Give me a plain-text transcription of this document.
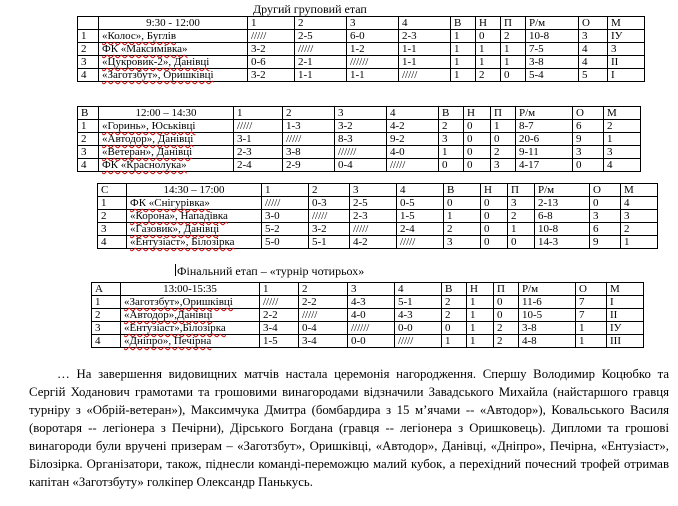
Другий груповий етап
	9:30 - 12:00	1	2	3	4	В	Н	П	Р/м	О	М
1	«Колос», Буглів	/////	2-5	6-0	2-3	1	0	2	10-8	3	IУ
2	ФК «Максимівка»	3-2	/////	1-2	1-1	1	1	1	7-5	4	3
3	«Цукровик-2», Данівці	0-6	2-1	//////	1-1	1	1	1	3-8	4	ІІ
4	«Заготзбут», Оришківці	3-2	1-1	1-1	/////	1	2	0	5-4	5	І
В	12:00 – 14:30	1	2	3	4	В	Н	П	Р/м	О	М
1	«Горинь», Юськівці	/////	1-3	3-2	4-2	2	0	1	8-7	6	2
2	«Автодор», Данівці	3-1	/////	8-3	9-2	3	0	0	20-6	9	1
3	«Ветеран», Данівці	2-3	3-8	//////	4-0	1	0	2	9-11	3	3
4	ФК «Краснолука»	2-4	2-9	0-4	/////	0	0	3	4-17	0	4
С	14:30 – 17:00	1	2	3	4	В	Н	П	Р/м	О	М
1	ФК «Снігурівка»	/////	0-3	2-5	0-5	0	0	3	2-13	0	4
2	«Корона», Нападівка	3-0	/////	2-3	1-5	1	0	2	6-8	3	3
3	«Газовик», Данівці	5-2	3-2	/////	2-4	2	0	1	10-8	6	2
4	«Ентузіаст», Білозірка	5-0	5-1	4-2	/////	3	0	0	14-3	9	1
Фінальний етап – «турнір чотирьох»
А	13:00-15:35	1	2	3	4	В	Н	П	Р/м	О	М
1	«Заготзбут»,Оришківці	/////	2-2	4-3	5-1	2	1	0	11-6	7	І
2	«Автодор»,Данівці	2-2	/////	4-0	4-3	2	1	0	10-5	7	ІІ
3	«Ентузіаст»,Білозірка	3-4	0-4	//////	0-0	0	1	2	3-8	1	ІУ
4	«Дніпро», Печірна	1-5	3-4	0-0	/////	1	1	2	4-8	1	ІІІ
… На завершення видовищних матчів настала церемонія нагородження. Спершу Володимир Коцюбко та Сергій Ходанович грамотами та грошовими винагородами відзначили Завадського Михайла (найстаршого гравця турніру з «Обрій-ветеран»), Максимчука Дмитра (бомбардира з 15 м’ячами -- «Автодор»), Ковальського Василя (воротаря -- легіонера з Печірни), Дірського Богдана (гравця -- легіонера з Оришковець). Дипломи та грошові винагороди були вручені призерам – «Заготзбут», Оришківці, «Автодор», Данівці, «Дніпро», Печірна, «Ентузіаст», Білозірка. Організатори, також, піднесли команді-переможцю малий кубок, а перехідний почесний трофей отримав капітан «Заготзбуту» голкіпер Олександр Панькусь.
